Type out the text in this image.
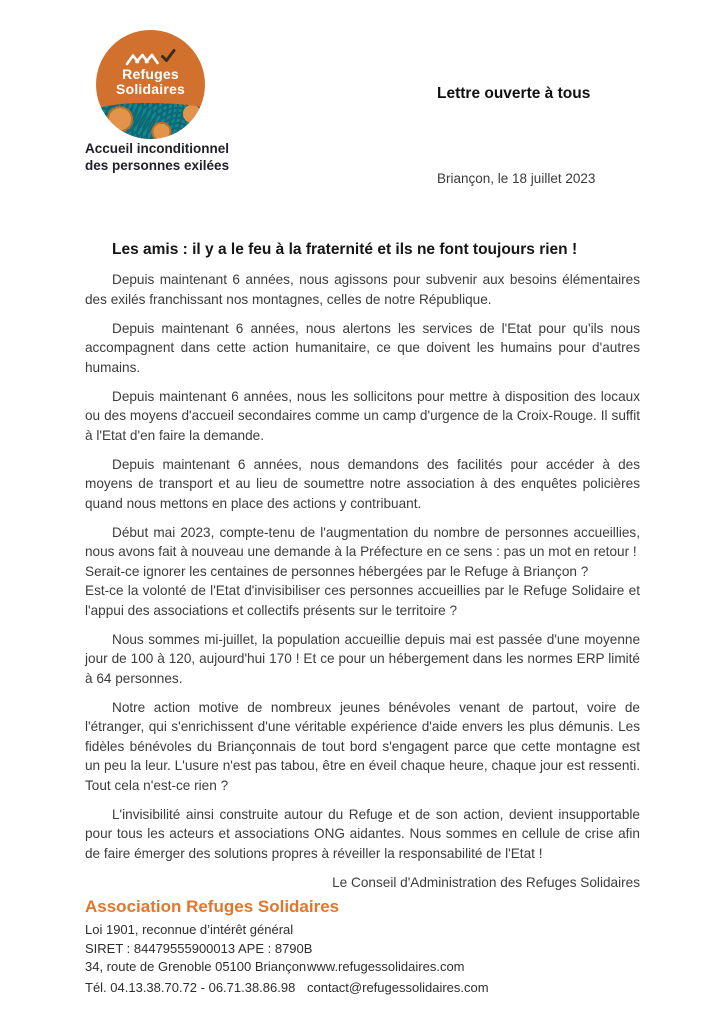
Refuges
Solidaires
Accueil inconditionnel
des personnes exilées
Lettre ouverte à tous
Briançon, le 18 juillet 2023
Les amis : il y a le feu à la fraternité et ils ne font toujours rien !

Depuis maintenant 6 années, nous agissons pour subvenir aux besoins élémentaires des exilés franchissant nos montagnes, celles de notre République.

Depuis maintenant 6 années, nous alertons les services de l'Etat pour qu'ils nous accompagnent dans cette action humanitaire, ce que doivent les humains pour d'autres humains.

Depuis maintenant 6 années, nous les sollicitons pour mettre à disposition des locaux ou des moyens d'accueil secondaires comme un camp d'urgence de la Croix-Rouge. Il suffit à l'Etat d'en faire la demande.

Depuis maintenant 6 années, nous demandons des facilités pour accéder à des moyens de transport et au lieu de soumettre notre association à des enquêtes policières quand nous mettons en place des actions y contribuant.

Début mai 2023, compte-tenu de l'augmentation du nombre de personnes accueillies, nous avons fait à nouveau une demande à la Préfecture en ce sens : pas un mot en retour !

Serait-ce ignorer les centaines de personnes hébergées par le Refuge à Briançon ?

Est-ce la volonté de l'Etat d'invisibiliser ces personnes accueillies par le Refuge Solidaire et l'appui des associations et collectifs présents sur le territoire ?

Nous sommes mi-juillet, la population accueillie depuis mai est passée d'une moyenne jour de 100 à 120, aujourd'hui 170 ! Et ce pour un hébergement dans les normes ERP limité à 64 personnes.

Notre action motive de nombreux jeunes bénévoles venant de partout, voire de l'étranger, qui s'enrichissent d'une véritable expérience d'aide envers les plus démunis. Les fidèles bénévoles du Briançonnais de tout bord s'engagent parce que cette montagne est un peu la leur. L'usure n'est pas tabou, être en éveil chaque heure, chaque jour est ressenti. Tout cela n'est-ce rien ?

L'invisibilité ainsi construite autour du Refuge et de son action, devient insupportable pour tous les acteurs et associations ONG aidantes. Nous sommes en cellule de crise afin de faire émerger des solutions propres à réveiller la responsabilité de l'Etat !

Le Conseil d'Administration des Refuges Solidaires

Association Refuges Solidaires
Loi 1901, reconnue d’intérêt général
SIRET : 84479555900013 APE : 8790B
34, route de Grenoble 05100 Briançon www.refugessolidaires.com
Tél. 04.13.38.70.72 - 06.71.38.86.98 contact@refugessolidaires.com
